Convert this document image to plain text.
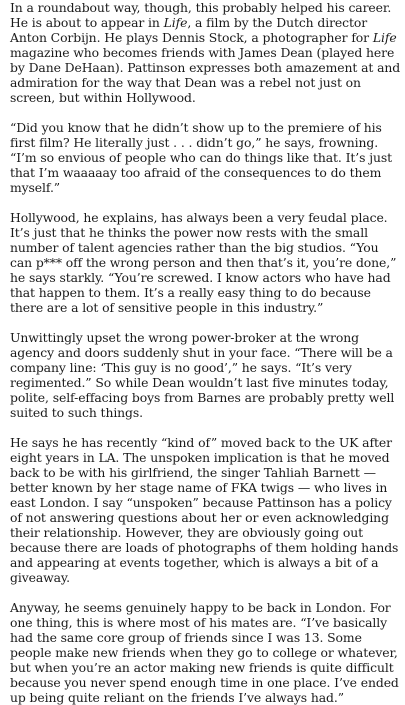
In a roundabout way, though, this probably helped his career. He is about to appear in Life, a film by the Dutch director Anton Corbijn. He plays Dennis Stock, a photographer for Life magazine who becomes friends with James Dean (played here by Dane DeHaan). Pattinson expresses both amazement at and admiration for the way that Dean was a rebel not just on screen, but within Hollywood.

“Did you know that he didn’t show up to the premiere of his first film? He literally just . . . didn’t go,” he says, frowning. “I’m so envious of people who can do things like that. It’s just that I’m waaaaay too afraid of the consequences to do them myself.”

Hollywood, he explains, has always been a very feudal place. It’s just that he thinks the power now rests with the small number of talent agencies rather than the big studios. “You can p*** off the wrong person and then that’s it, you’re done,” he says starkly. “You’re screwed. I know actors who have had that happen to them. It’s a really easy thing to do because there are a lot of sensitive people in this industry.”

Unwittingly upset the wrong power-broker at the wrong agency and doors suddenly shut in your face. “There will be a company line: ‘This guy is no good’,” he says. “It’s very regimented.” So while Dean wouldn’t last five minutes today, polite, self-effacing boys from Barnes are probably pretty well suited to such things.

He says he has recently “kind of” moved back to the UK after eight years in LA. The unspoken implication is that he moved back to be with his girlfriend, the singer Tahliah Barnett — better known by her stage name of FKA twigs — who lives in east London. I say “unspoken” because Pattinson has a policy of not answering questions about her or even acknowledging their relationship. However, they are obviously going out because there are loads of photographs of them holding hands and appearing at events together, which is always a bit of a giveaway.

Anyway, he seems genuinely happy to be back in London. For one thing, this is where most of his mates are. “I’ve basically had the same core group of friends since I was 13. Some people make new friends when they go to college or whatever, but when you’re an actor making new friends is quite difficult because you never spend enough time in one place. I’ve ended up being quite reliant on the friends I’ve always had.”
